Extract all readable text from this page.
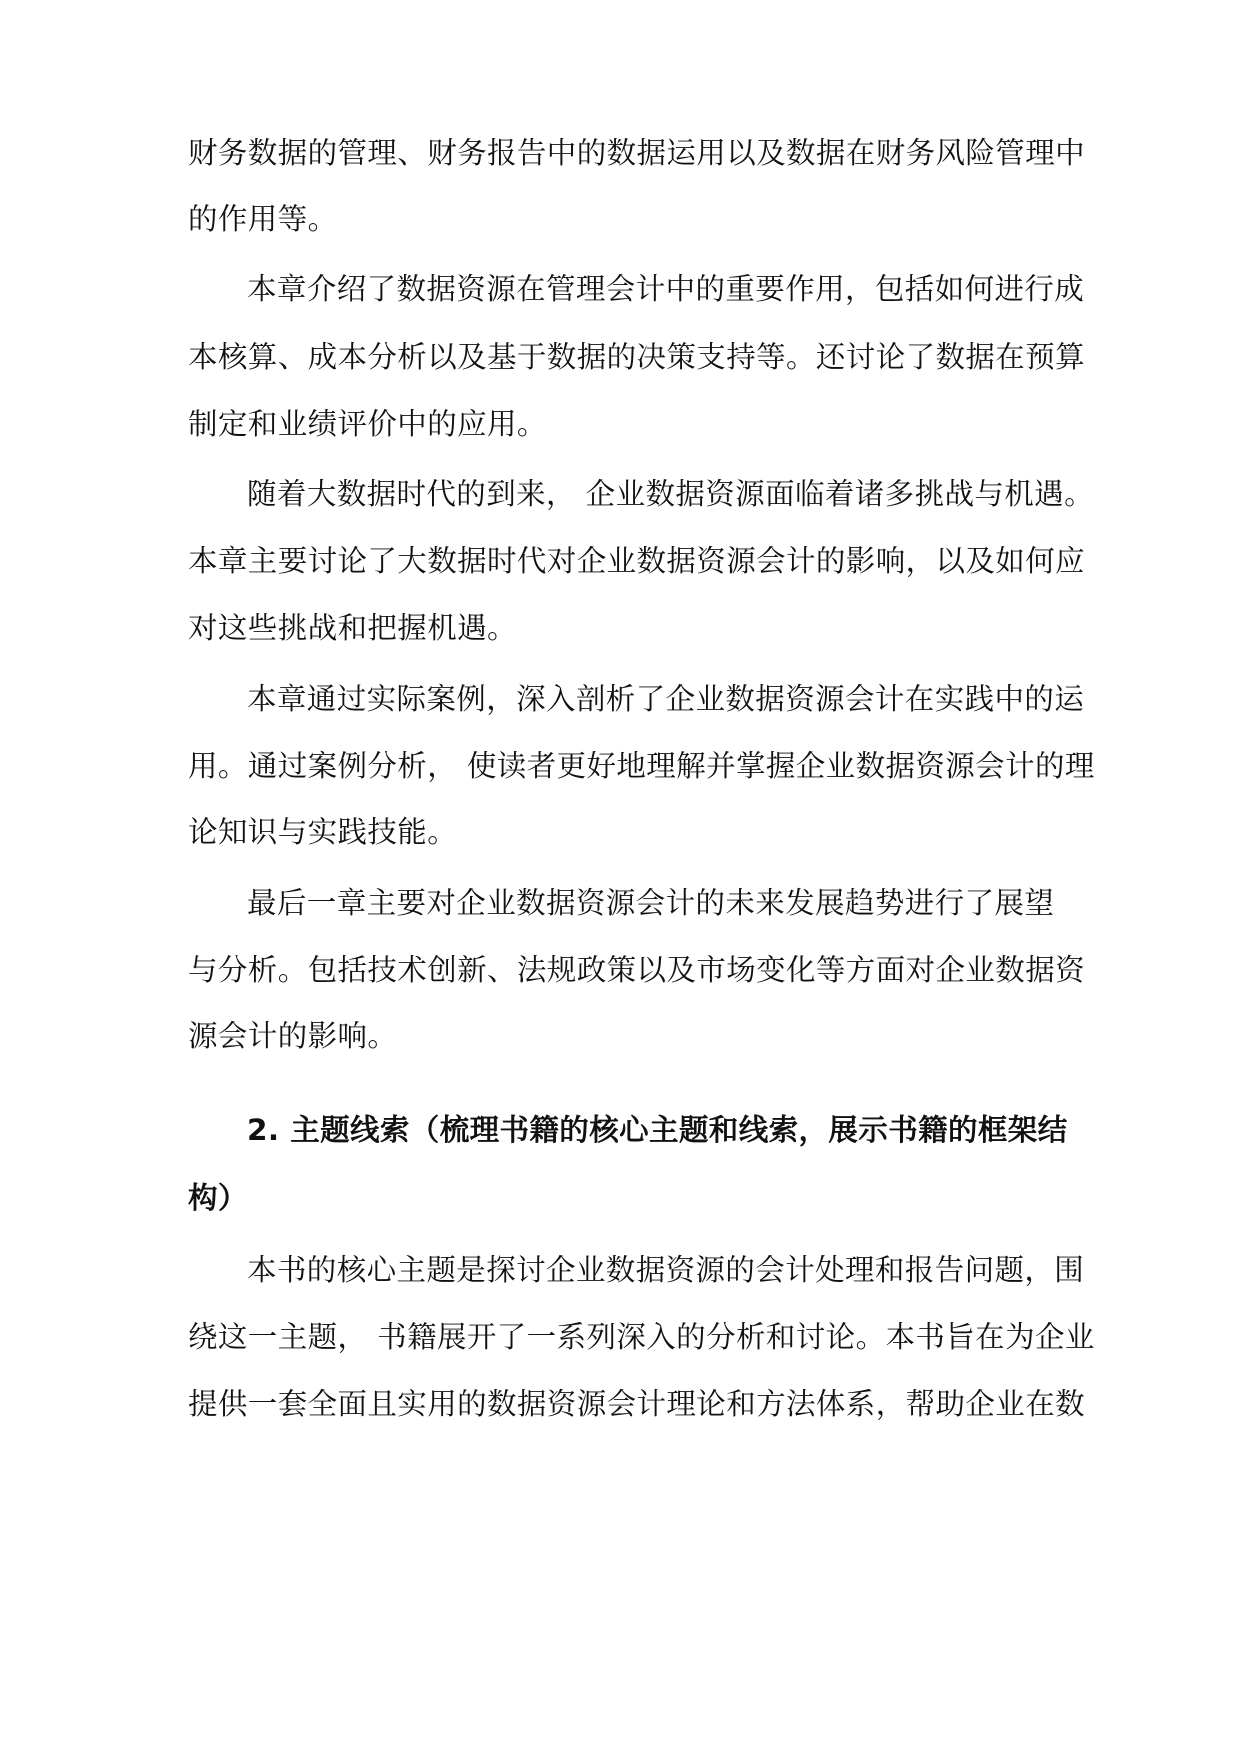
财务数据的管理、财务报告中的数据运用以及数据在财务风险管理中
的作用等。
本章介绍了数据资源在管理会计中的重要作用，包括如何进行成
本核算、成本分析以及基于数据的决策支持等。还讨论了数据在预算
制定和业绩评价中的应用。
随着大数据时代的到来， 企业数据资源面临着诸多挑战与机遇。
本章主要讨论了大数据时代对企业数据资源会计的影响，以及如何应
对这些挑战和把握机遇。
本章通过实际案例，深入剖析了企业数据资源会计在实践中的运
用。通过案例分析， 使读者更好地理解并掌握企业数据资源会计的理
论知识与实践技能。
最后一章主要对企业数据资源会计的未来发展趋势进行了展望
与分析。包括技术创新、法规政策以及市场变化等方面对企业数据资
源会计的影响。
2. 主题线索（梳理书籍的核心主题和线索，展示书籍的框架结
构）
本书的核心主题是探讨企业数据资源的会计处理和报告问题，围
绕这一主题， 书籍展开了一系列深入的分析和讨论。本书旨在为企业
提供一套全面且实用的数据资源会计理论和方法体系，帮助企业在数
